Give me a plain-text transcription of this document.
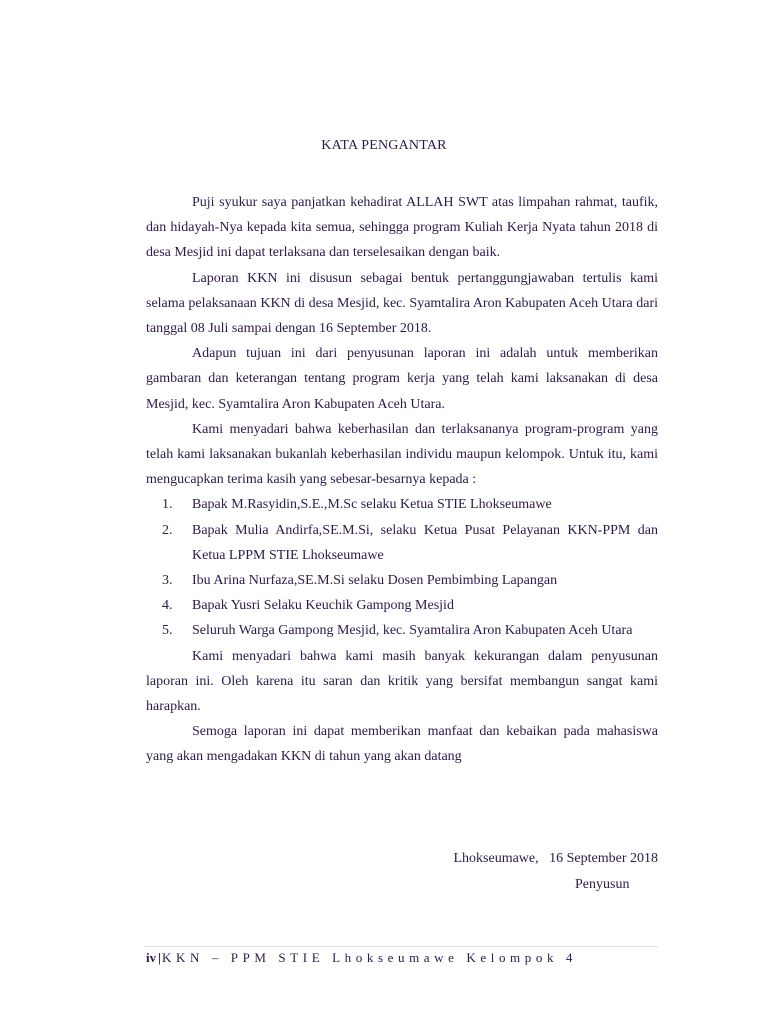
KATA PENGANTAR

Puji syukur saya panjatkan kehadirat ALLAH SWT atas limpahan rahmat, taufik, dan hidayah-Nya kepada kita semua, sehingga program Kuliah Kerja Nyata tahun 2018 di desa Mesjid ini dapat terlaksana dan terselesaikan dengan baik.

Laporan KKN ini disusun sebagai bentuk pertanggungjawaban tertulis kami selama pelaksanaan KKN di desa Mesjid, kec. Syamtalira Aron Kabupaten Aceh Utara dari tanggal 08 Juli sampai dengan 16 September 2018.

Adapun tujuan ini dari penyusunan laporan ini adalah untuk memberikan gambaran dan keterangan tentang program kerja yang telah kami laksanakan di desa Mesjid, kec. Syamtalira Aron Kabupaten Aceh Utara.

Kami menyadari bahwa keberhasilan dan terlaksananya program-program yang telah kami laksanakan bukanlah keberhasilan individu maupun kelompok. Untuk itu, kami mengucapkan terima kasih yang sebesar-besarnya kepada :

1. Bapak M.Rasyidin,S.E.,M.Sc selaku Ketua STIE Lhokseumawe
2. Bapak Mulia Andirfa,SE.M.Si, selaku Ketua Pusat Pelayanan KKN-PPM dan Ketua LPPM STIE Lhokseumawe
3. Ibu Arina Nurfaza,SE.M.Si selaku Dosen Pembimbing Lapangan
4. Bapak Yusri Selaku Keuchik Gampong Mesjid
5. Seluruh Warga Gampong Mesjid, kec. Syamtalira Aron Kabupaten Aceh Utara

Kami menyadari bahwa kami masih banyak kekurangan dalam penyusunan laporan ini. Oleh karena itu saran dan kritik yang bersifat membangun sangat kami harapkan.

Semoga laporan ini dapat memberikan manfaat dan kebaikan pada mahasiswa yang akan mengadakan KKN di tahun yang akan datang

Lhokseumawe,   16 September 2018
Penyusun
iv |KKN – PPM STIE Lhokseumawe Kelompok 4
